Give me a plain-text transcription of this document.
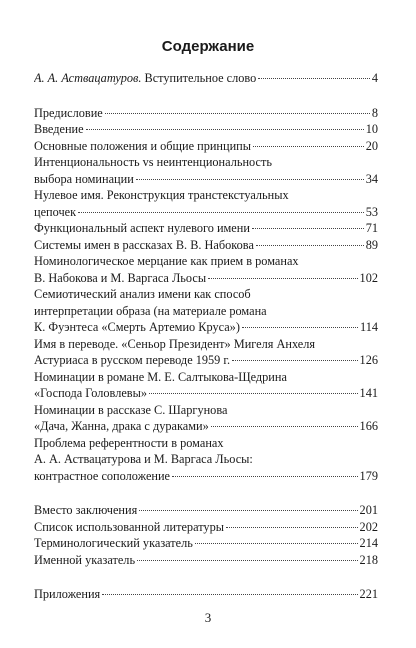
Содержание
А. А. Аствацатуров. Вступительное слово	4
Предисловие	8
Введение	10
Основные положения и общие принципы	20
Интенциональность vs неинтенциональность
выбора номинации	34
Нулевое имя. Реконструкция транстекстуальных
цепочек	53
Функциональный аспект нулевого имени	71
Системы имен в рассказах В. В. Набокова	89
Номинологическое мерцание как прием в романах
В. Набокова и М. Варгаса Льосы	102
Семиотический анализ имени как способ
интерпретации образа (на материале романа
К. Фуэнтеса «Смерть Артемио Круса»)	114
Имя в переводе. «Сеньор Президент» Мигеля Анхеля
Астуриаса в русском переводе 1959 г.	126
Номинации в романе М. Е. Салтыкова-Щедрина
«Господа Головлевы»	141
Номинации в рассказе С. Шаргунова
«Дача, Жанна, драка с дураками»	166
Проблема референтности в романах
А. А. Аствацатурова и М. Варгаса Льосы:
контрастное соположение	179
Вместо заключения	201
Список использованной литературы	202
Терминологический указатель	214
Именной указатель	218
Приложения	221
3
